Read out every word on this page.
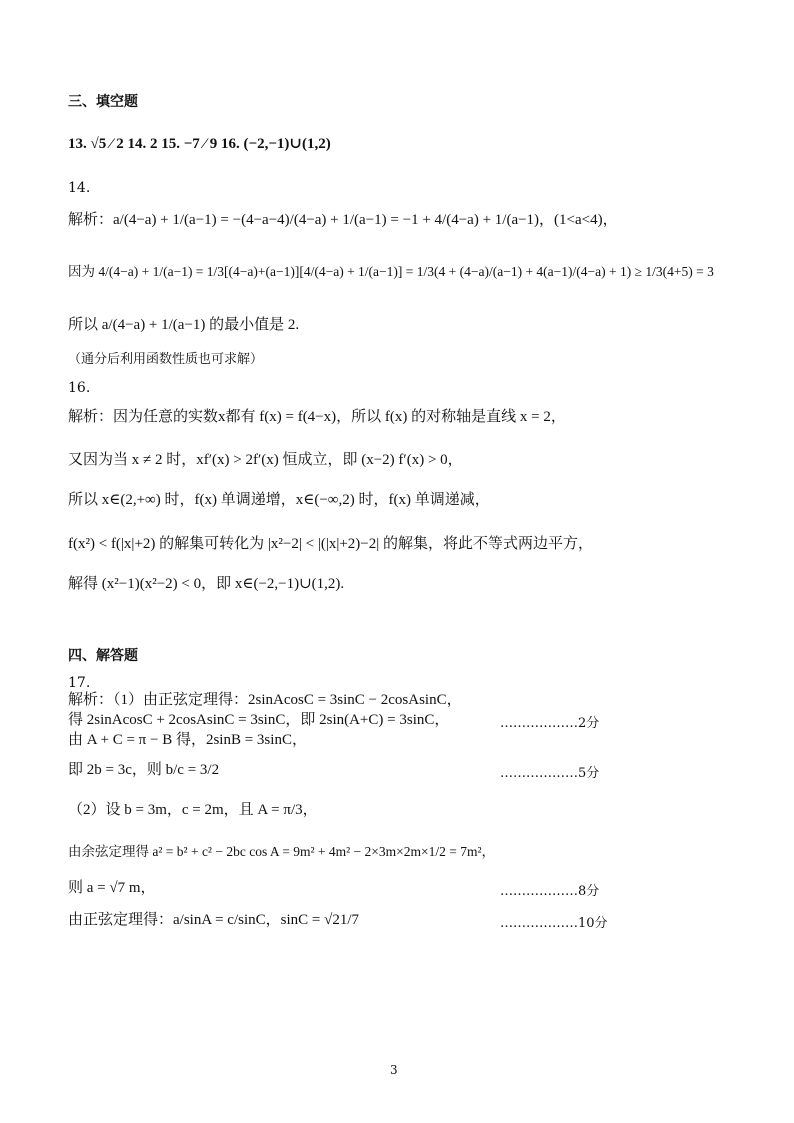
三、填空题
13. √5 ⁄ 2 14. 2 15. −7 ⁄ 9 16. (−2,−1)∪(1,2)
14.
解析：a/(4−a) + 1/(a−1) = −(4−a−4)/(4−a) + 1/(a−1) = −1 + 4/(4−a) + 1/(a−1)，(1<a<4)，
因为 4/(4−a) + 1/(a−1) = 1/3[(4−a)+(a−1)][4/(4−a) + 1/(a−1)] = 1/3(4 + (4−a)/(a−1) + 4(a−1)/(4−a) + 1) ≥ 1/3(4+5) = 3
所以 a/(4−a) + 1/(a−1) 的最小值是 2.
（通分后利用函数性质也可求解）
16.
解析：因为任意的实数x都有 f(x) = f(4−x)，所以 f(x) 的对称轴是直线 x = 2，
又因为当 x ≠ 2 时，xf′(x) > 2f′(x) 恒成立，即 (x−2) f′(x) > 0，
所以 x∈(2,+∞) 时，f(x) 单调递增，x∈(−∞,2) 时，f(x) 单调递减，
f(x²) < f(|x|+2) 的解集可转化为 |x²−2| < |(|x|+2)−2| 的解集，将此不等式两边平方，
解得 (x²−1)(x²−2) < 0，即 x∈(−2,−1)∪(1,2).
四、解答题
17.
解析：（1）由正弦定理得：2sinAcosC = 3sinC − 2cosAsinC，
得 2sinAcosC + 2cosAsinC = 3sinC，即 2sin(A+C) = 3sinC，	………………2分
由 A + C = π − B 得，2sinB = 3sinC，
即 2b = 3c，则 b/c = 3/2	………………5分
（2）设 b = 3m，c = 2m，且 A = π/3，
由余弦定理得 a² = b² + c² − 2bc cos A = 9m² + 4m² − 2×3m×2m×1/2 = 7m²，
则 a = √7 m，	………………8分
由正弦定理得：a/sinA = c/sinC，sinC = √21/7	………………10分
3
